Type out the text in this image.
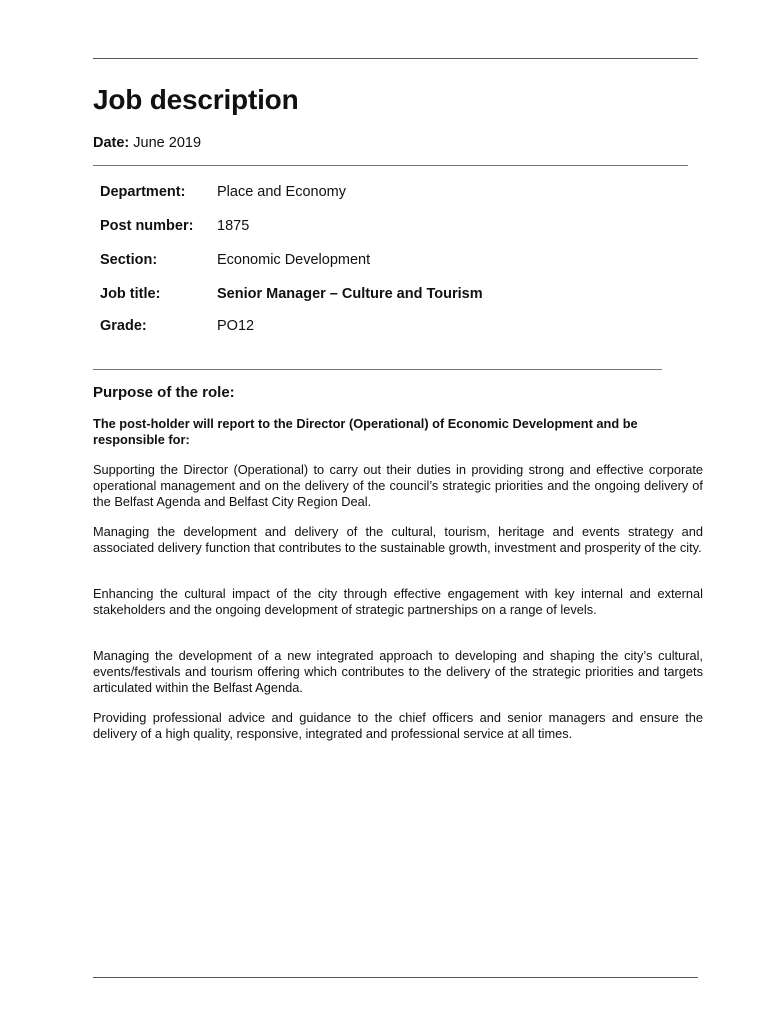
Job description
Date: June 2019
Department: Place and Economy
Post number: 1875
Section:	Economic Development
Job title:	Senior Manager – Culture and Tourism
Grade:	PO12
Purpose of the role:

The post-holder will report to the Director (Operational) of Economic Development and be responsible for:

Supporting the Director (Operational) to carry out their duties in providing strong and effective corporate operational management and on the delivery of the council’s strategic priorities and the ongoing delivery of the Belfast Agenda and Belfast City Region Deal.

Managing the development and delivery of the cultural, tourism, heritage and events strategy and associated delivery function that contributes to the sustainable growth, investment and prosperity of the city.

Enhancing the cultural impact of the city through effective engagement with key internal and external stakeholders and the ongoing development of strategic partnerships on a range of levels.

Managing the development of a new integrated approach to developing and shaping the city’s cultural, events/festivals and tourism offering which contributes to the delivery of the strategic priorities and targets articulated within the Belfast Agenda.

Providing professional advice and guidance to the chief officers and senior managers and ensure the delivery of a high quality, responsive, integrated and professional service at all times.
